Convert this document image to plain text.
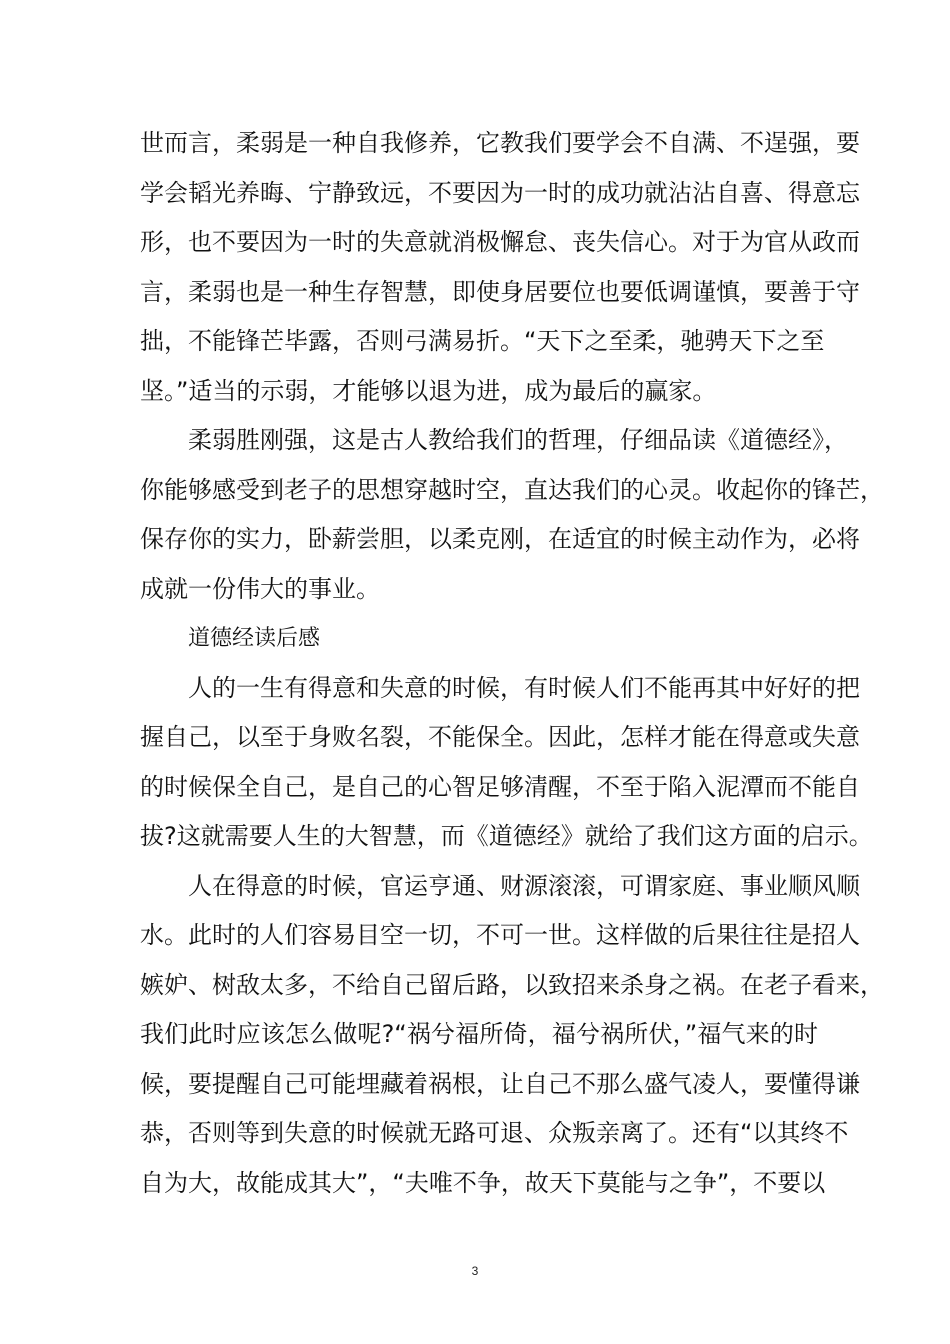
世而言，柔弱是一种自我修养，它教我们要学会不自满、不逞强，要
学会韬光养晦、宁静致远，不要因为一时的成功就沾沾自喜、得意忘
形，也不要因为一时的失意就消极懈怠、丧失信心。对于为官从政而
言，柔弱也是一种生存智慧，即使身居要位也要低调谨慎，要善于守
拙，不能锋芒毕露，否则弓满易折。“天下之至柔，驰骋天下之至
坚。”适当的示弱，才能够以退为进，成为最后的赢家。
柔弱胜刚强，这是古人教给我们的哲理，仔细品读《道德经》，
你能够感受到老子的思想穿越时空，直达我们的心灵。收起你的锋芒，
保存你的实力，卧薪尝胆，以柔克刚，在适宜的时候主动作为，必将
成就一份伟大的事业。
道德经读后感
人的一生有得意和失意的时候，有时候人们不能再其中好好的把
握自己，以至于身败名裂，不能保全。因此，怎样才能在得意或失意
的时候保全自己，是自己的心智足够清醒，不至于陷入泥潭而不能自
拔?这就需要人生的大智慧，而《道德经》就给了我们这方面的启示。
人在得意的时候，官运亨通、财源滚滚，可谓家庭、事业顺风顺
水。此时的人们容易目空一切，不可一世。这样做的后果往往是招人
嫉妒、树敌太多，不给自己留后路，以致招来杀身之祸。在老子看来，
我们此时应该怎么做呢?“祸兮福所倚，福兮祸所伏，”福气来的时
候，要提醒自己可能埋藏着祸根，让自己不那么盛气凌人，要懂得谦
恭，否则等到失意的时候就无路可退、众叛亲离了。还有“以其终不
自为大，故能成其大”，“夫唯不争，故天下莫能与之争”，不要以
3
